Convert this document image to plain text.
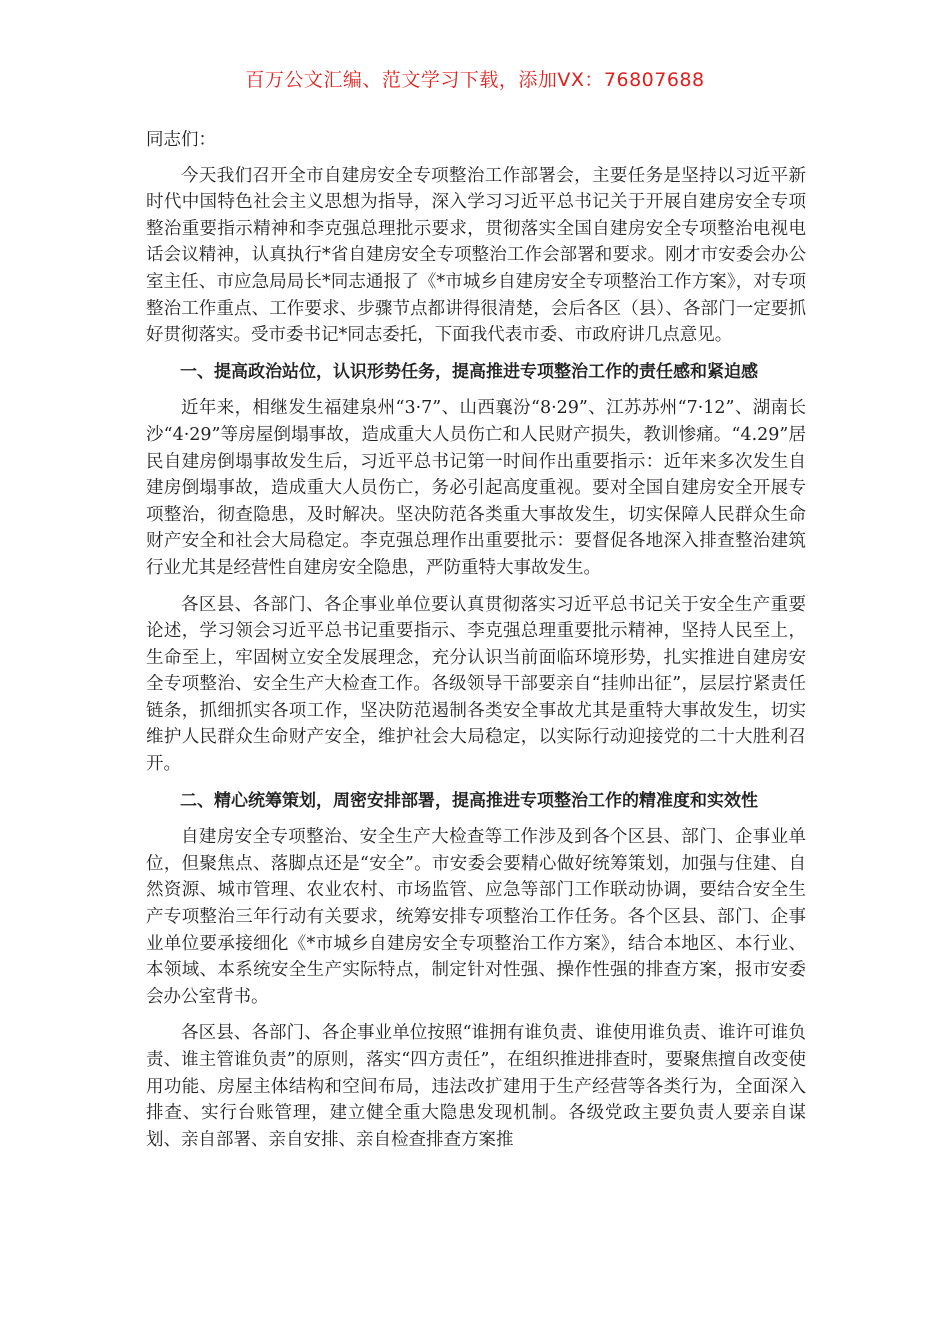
百万公文汇编、范文学习下载，添加VX：76807688

同志们：

今天我们召开全市自建房安全专项整治工作部署会，主要任务是坚持以习近平新时代中国特色社会主义思想为指导，深入学习习近平总书记关于开展自建房安全专项整治重要指示精神和李克强总理批示要求，贯彻落实全国自建房安全专项整治电视电话会议精神，认真执行*省自建房安全专项整治工作会部署和要求。刚才市安委会办公室主任、市应急局局长*同志通报了《*市城乡自建房安全专项整治工作方案》，对专项整治工作重点、工作要求、步骤节点都讲得很清楚，会后各区（县）、各部门一定要抓好贯彻落实。受市委书记*同志委托，下面我代表市委、市政府讲几点意见。

一、提高政治站位，认识形势任务，提高推进专项整治工作的责任感和紧迫感

近年来，相继发生福建泉州“3·7”、山西襄汾“8·29”、江苏苏州“7·12”、湖南长沙“4·29”等房屋倒塌事故，造成重大人员伤亡和人民财产损失，教训惨痛。“4.29”居民自建房倒塌事故发生后，习近平总书记第一时间作出重要指示：近年来多次发生自建房倒塌事故，造成重大人员伤亡，务必引起高度重视。要对全国自建房安全开展专项整治，彻查隐患，及时解决。坚决防范各类重大事故发生，切实保障人民群众生命财产安全和社会大局稳定。李克强总理作出重要批示：要督促各地深入排查整治建筑行业尤其是经营性自建房安全隐患，严防重特大事故发生。

各区县、各部门、各企事业单位要认真贯彻落实习近平总书记关于安全生产重要论述，学习领会习近平总书记重要指示、李克强总理重要批示精神，坚持人民至上，生命至上，牢固树立安全发展理念，充分认识当前面临环境形势，扎实推进自建房安全专项整治、安全生产大检查工作。各级领导干部要亲自“挂帅出征”，层层拧紧责任链条，抓细抓实各项工作，坚决防范遏制各类安全事故尤其是重特大事故发生，切实维护人民群众生命财产安全，维护社会大局稳定，以实际行动迎接党的二十大胜利召开。

二、精心统筹策划，周密安排部署，提高推进专项整治工作的精准度和实效性

自建房安全专项整治、安全生产大检查等工作涉及到各个区县、部门、企事业单位，但聚焦点、落脚点还是“安全”。市安委会要精心做好统筹策划，加强与住建、自然资源、城市管理、农业农村、市场监管、应急等部门工作联动协调，要结合安全生产专项整治三年行动有关要求，统筹安排专项整治工作任务。各个区县、部门、企事业单位要承接细化《*市城乡自建房安全专项整治工作方案》，结合本地区、本行业、本领域、本系统安全生产实际特点，制定针对性强、操作性强的排查方案，报市安委会办公室背书。

各区县、各部门、各企事业单位按照“谁拥有谁负责、谁使用谁负责、谁许可谁负责、谁主管谁负责”的原则，落实“四方责任”，在组织推进排查时，要聚焦擅自改变使用功能、房屋主体结构和空间布局，违法改扩建用于生产经营等各类行为，全面深入排查、实行台账管理，建立健全重大隐患发现机制。各级党政主要负责人要亲自谋划、亲自部署、亲自安排、亲自检查排查方案推
